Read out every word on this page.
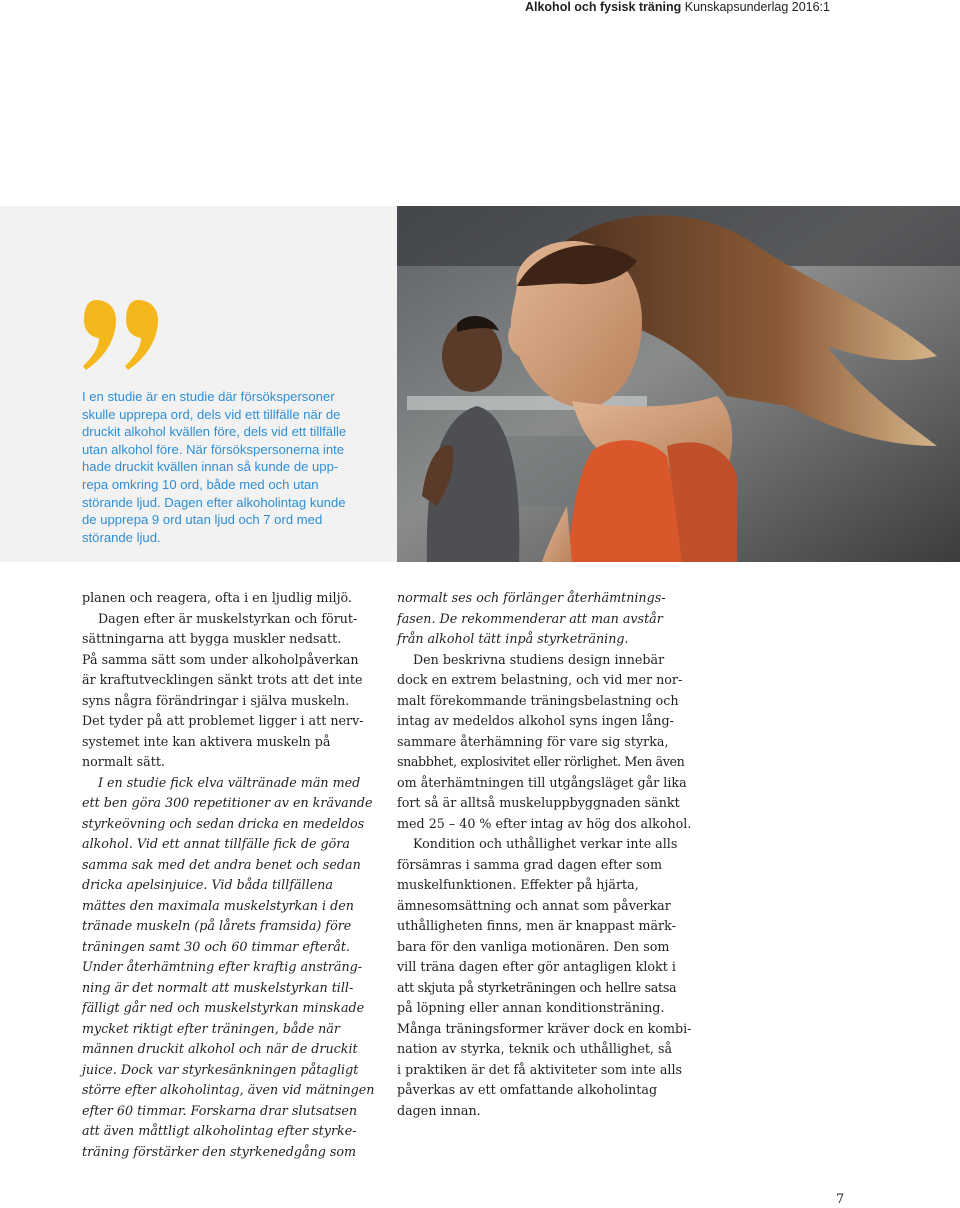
Alkohol och fysisk träning Kunskapsunderlag 2016:1
I en studie är en studie där försökspersoner
skulle upprepa ord, dels vid ett tillfälle när de
druckit alkohol kvällen före, dels vid ett tillfälle
utan alkohol före. När försökspersonerna inte
hade druckit kvällen innan så kunde de upp-
repa omkring 10 ord, både med och utan
störande ljud. Dagen efter alkoholintag kunde
de upprepa 9 ord utan ljud och 7 ord med
störande ljud.
planen och reagera, ofta i en ljudlig miljö.
Dagen efter är muskelstyrkan och förut-
sättningarna att bygga muskler nedsatt.
På samma sätt som under alkoholpåverkan
är kraftutvecklingen sänkt trots att det inte
syns några förändringar i själva muskeln.
Det tyder på att problemet ligger i att nerv-
systemet inte kan aktivera muskeln på
normalt sätt.
I en studie fick elva vältränade män med
ett ben göra 300 repetitioner av en krävande
styrkeövning och sedan dricka en medeldos
alkohol. Vid ett annat tillfälle fick de göra
samma sak med det andra benet och sedan
dricka apelsinjuice. Vid båda tillfällena
mättes den maximala muskelstyrkan i den
tränade muskeln (på lårets framsida) före
träningen samt 30 och 60 timmar efteråt.
Under återhämtning efter kraftig ansträng-
ning är det normalt att muskelstyrkan till-
fälligt går ned och muskelstyrkan minskade
mycket riktigt efter träningen, både när
männen druckit alkohol och när de druckit
juice. Dock var styrkesänkningen påtagligt
större efter alkoholintag, även vid mätningen
efter 60 timmar. Forskarna drar slutsatsen
att även måttligt alkoholintag efter styrke-
träning förstärker den styrkenedgång som
normalt ses och förlänger återhämtnings-
fasen. De rekommenderar att man avstår
från alkohol tätt inpå styrketräning.
Den beskrivna studiens design innebär
dock en extrem belastning, och vid mer nor-
malt förekommande träningsbelastning och
intag av medeldos alkohol syns ingen lång-
sammare återhämning för vare sig styrka,
snabbhet, explosivitet eller rörlighet. Men även
om återhämtningen till utgångsläget går lika
fort så är alltså muskeluppbyggnaden sänkt
med 25 – 40 % efter intag av hög dos alkohol.
Kondition och uthållighet verkar inte alls
försämras i samma grad dagen efter som
muskelfunktionen. Effekter på hjärta,
ämnesomsättning och annat som påverkar
uthålligheten finns, men är knappast märk-
bara för den vanliga motionären. Den som
vill träna dagen efter gör antagligen klokt i
att skjuta på styrketräningen och hellre satsa
på löpning eller annan konditionsträning.
Många träningsformer kräver dock en kombi-
nation av styrka, teknik och uthållighet, så
i praktiken är det få aktiviteter som inte alls
påverkas av ett omfattande alkoholintag
dagen innan.
7
